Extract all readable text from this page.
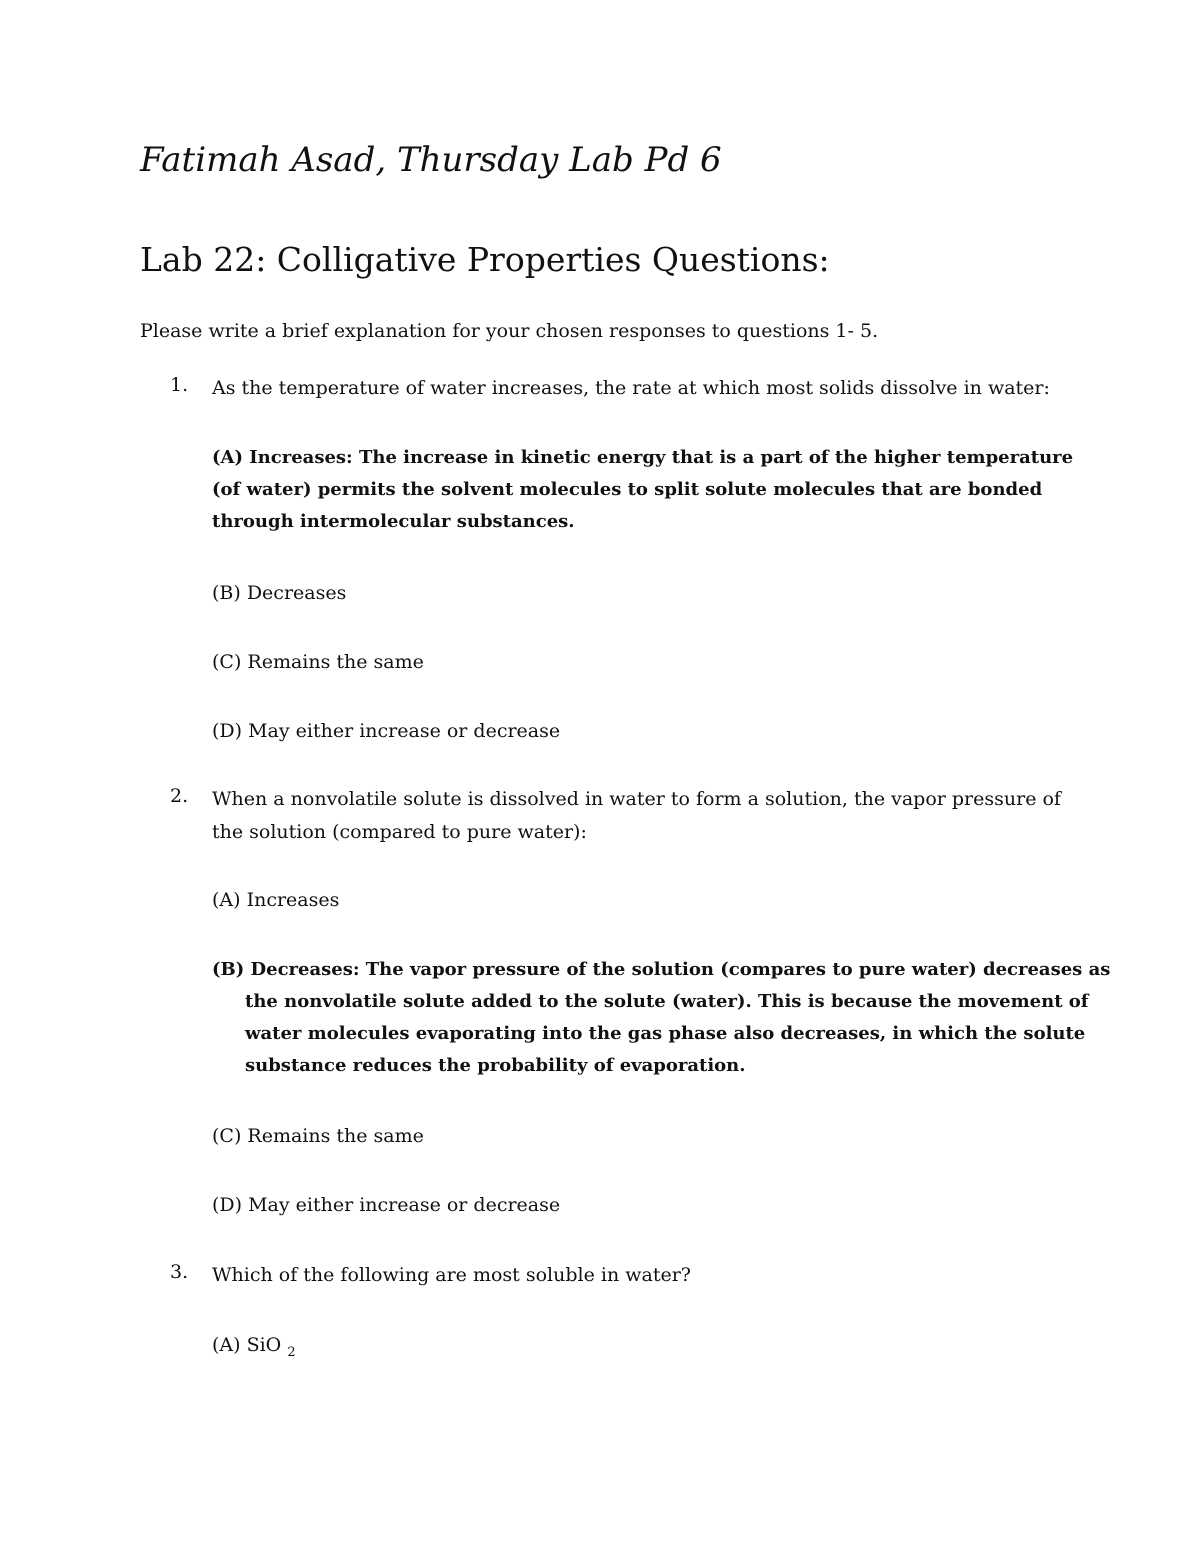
Fatimah Asad, Thursday Lab Pd 6
Lab 22: Colligative Properties Questions:
Please write a brief explanation for your chosen responses to questions 1- 5.
1. As the temperature of water increases, the rate at which most solids dissolve in water:
(A) Increases: The increase in kinetic energy that is a part of the higher temperature (of water) permits the solvent molecules to split solute molecules that are bonded through intermolecular substances.
(B) Decreases
(C) Remains the same
(D) May either increase or decrease
2. When a nonvolatile solute is dissolved in water to form a solution, the vapor pressure of the solution (compared to pure water):
(A) Increases
(B) Decreases: The vapor pressure of the solution (compares to pure water) decreases as the nonvolatile solute added to the solute (water). This is because the movement of water molecules evaporating into the gas phase also decreases, in which the solute substance reduces the probability of evaporation.
(C) Remains the same
(D) May either increase or decrease
3. Which of the following are most soluble in water?
(A) SiO $_2$
